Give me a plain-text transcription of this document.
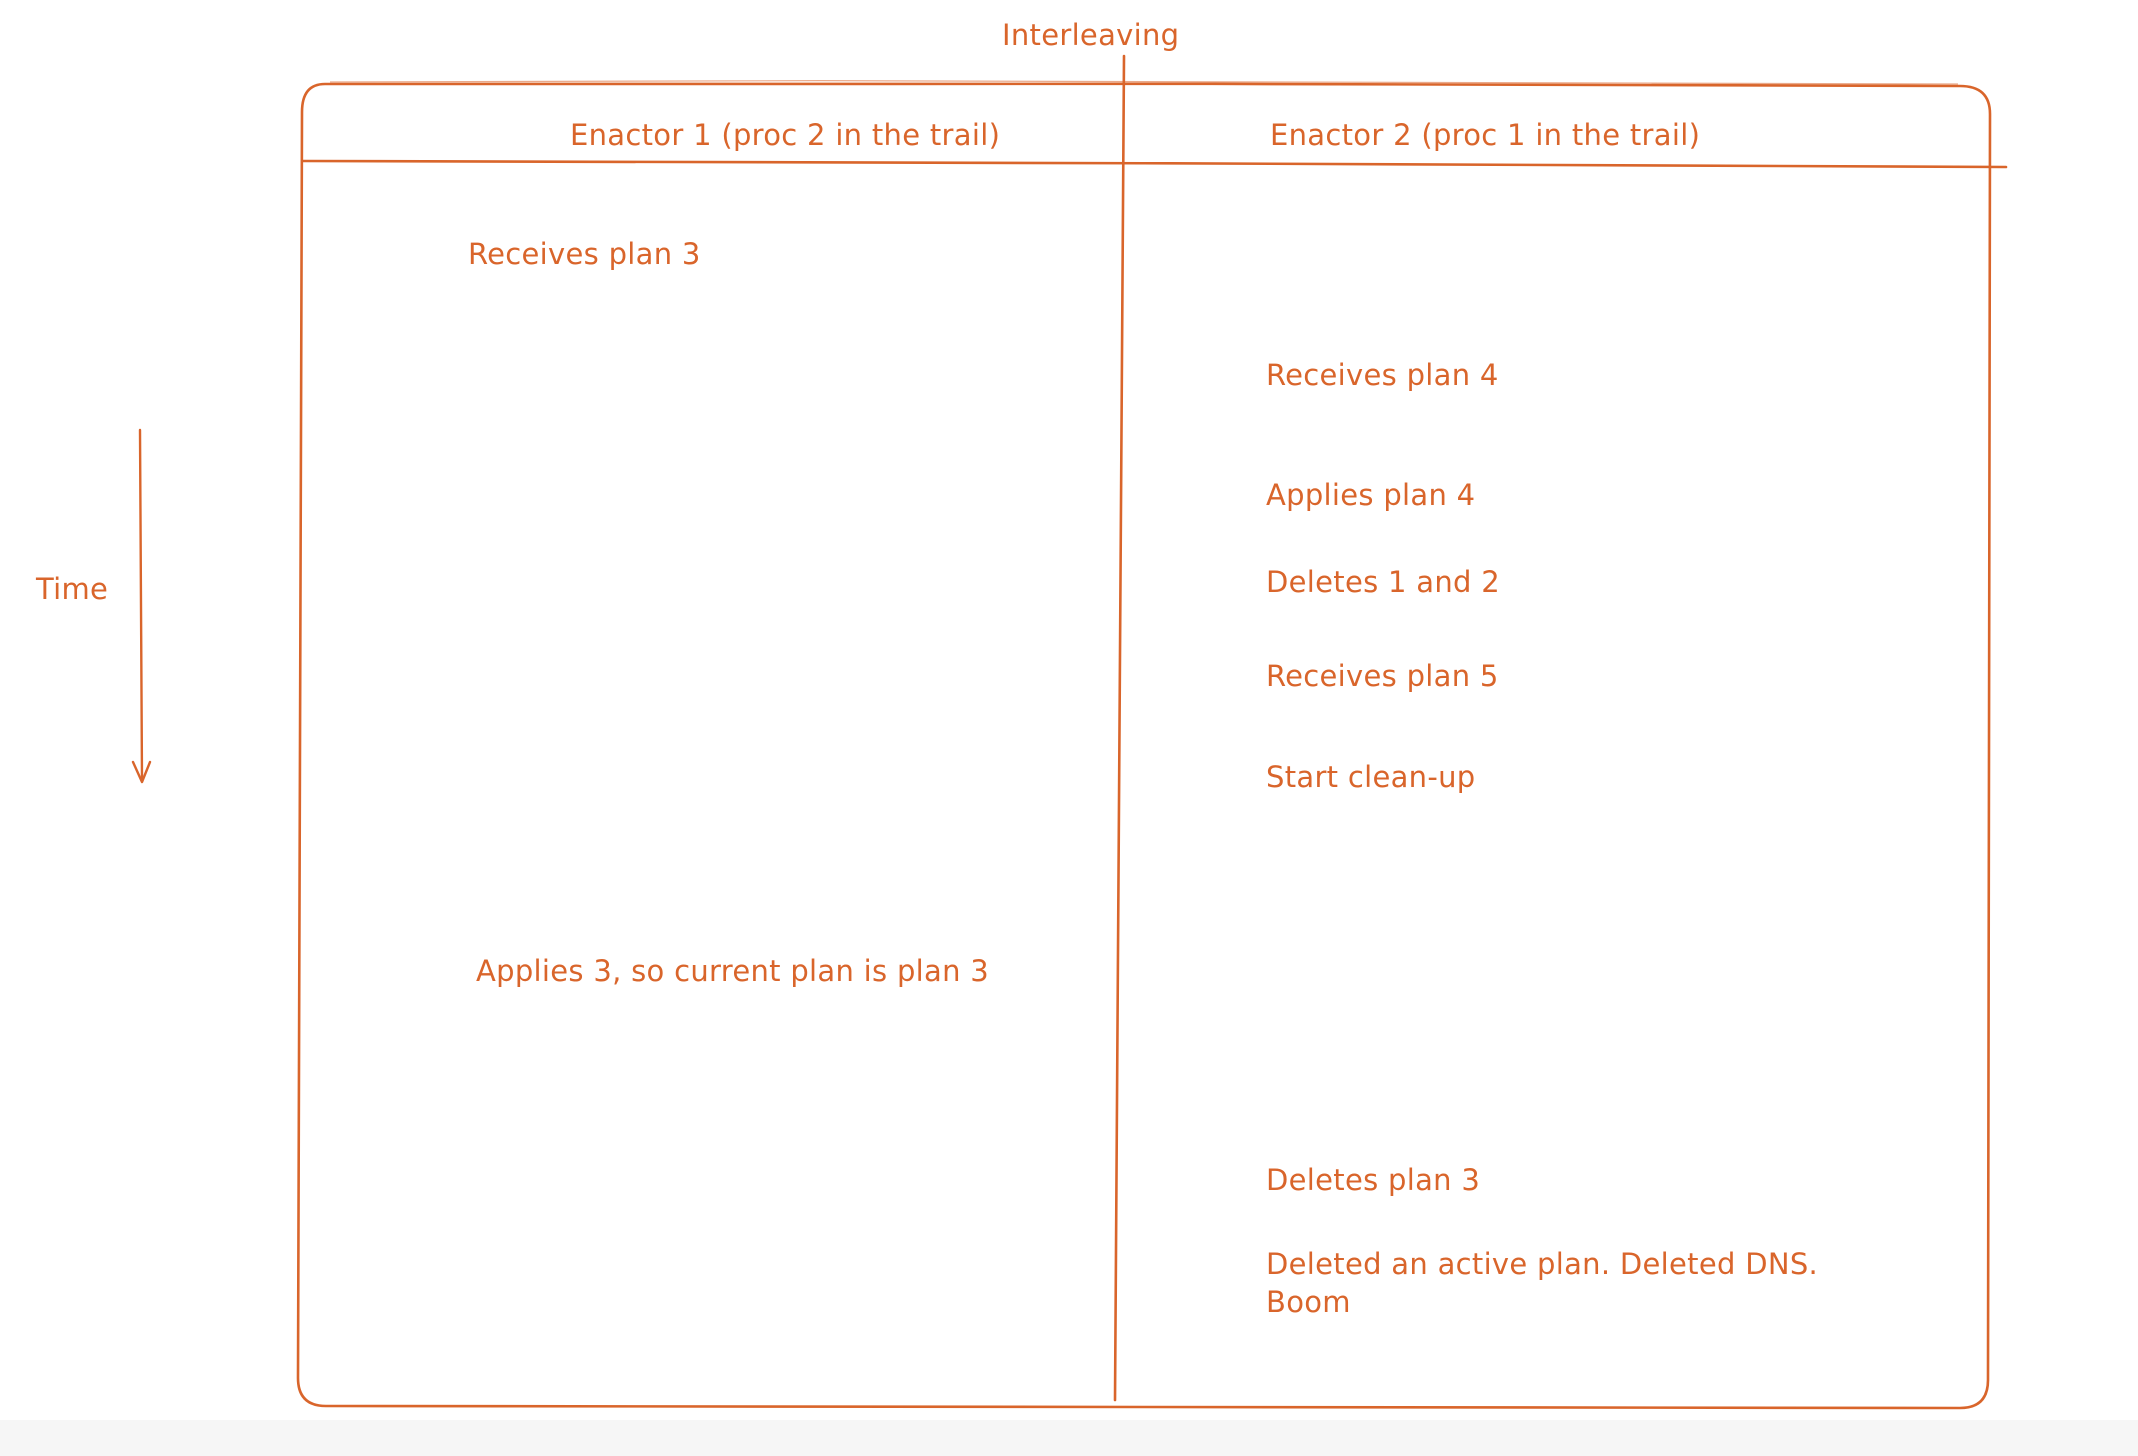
Interleaving
Enactor 1 (proc 2 in the trail)	Enactor 2 (proc 1 in the trail)
Time
Receives plan 3
Applies 3, so current plan is plan 3
Receives plan 4
Applies plan 4
Deletes 1 and 2
Receives plan 5
Start clean-up
Deletes plan 3
Deleted an active plan. Deleted DNS.
Boom
